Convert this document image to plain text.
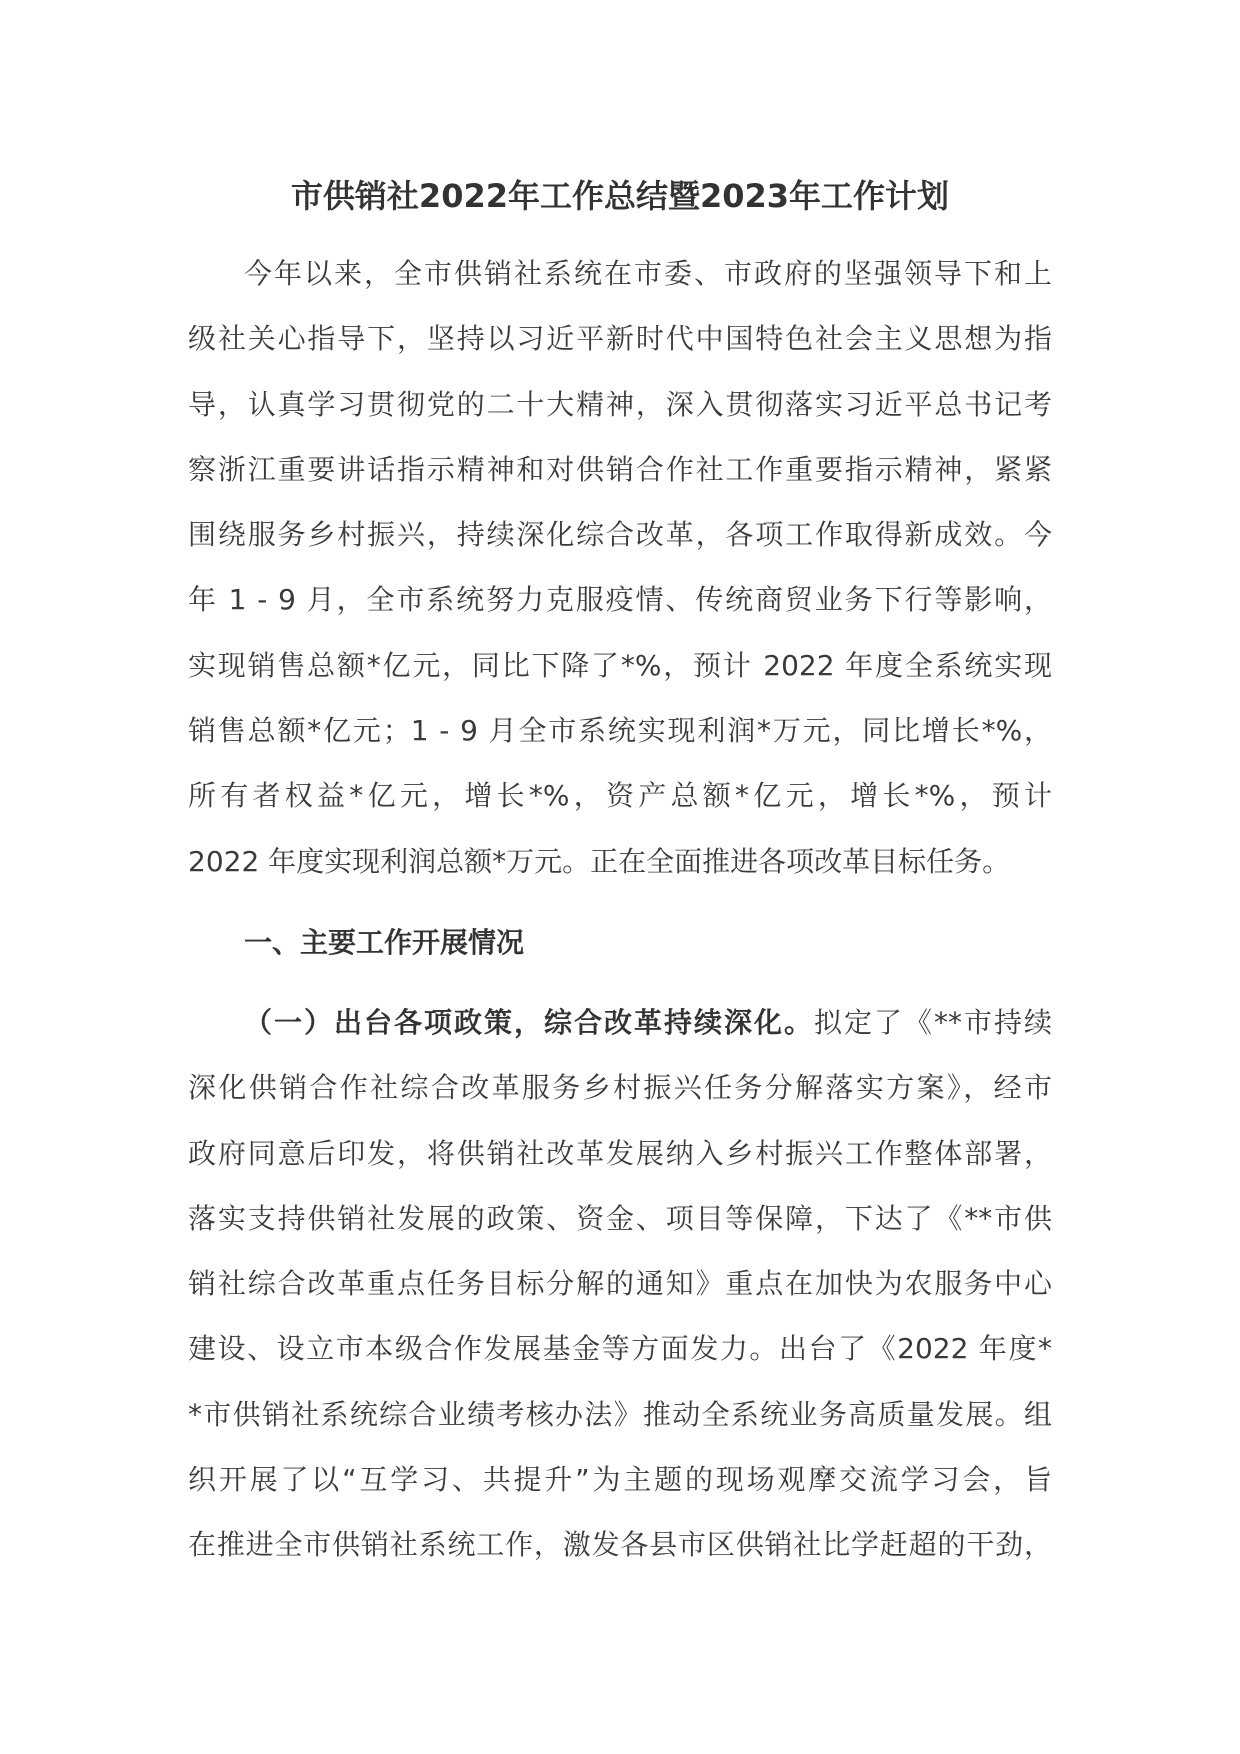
市供销社2022年工作总结暨2023年工作计划
今年以来，全市供销社系统在市委、市政府的坚强领导下和上
级社关心指导下，坚持以习近平新时代中国特色社会主义思想为指
导，认真学习贯彻党的二十大精神，深入贯彻落实习近平总书记考
察浙江重要讲话指示精神和对供销合作社工作重要指示精神，紧紧
围绕服务乡村振兴，持续深化综合改革，各项工作取得新成效。今
年 1 - 9 月，全市系统努力克服疫情、传统商贸业务下行等影响，
实现销售总额*亿元，同比下降了*%，预计 2022 年度全系统实现
销售总额*亿元；1 - 9 月全市系统实现利润*万元，同比增长*%，
所有者权益*亿元，增长*%，资产总额*亿元，增长*%，预计
2022 年度实现利润总额*万元。正在全面推进各项改革目标任务。
一、主要工作开展情况
（一）出台各项政策，综合改革持续深化。拟定了《**市持续
深化供销合作社综合改革服务乡村振兴任务分解落实方案》，经市
政府同意后印发，将供销社改革发展纳入乡村振兴工作整体部署，
落实支持供销社发展的政策、资金、项目等保障，下达了《**市供
销社综合改革重点任务目标分解的通知》重点在加快为农服务中心
建设、设立市本级合作发展基金等方面发力。出台了《2022 年度*
*市供销社系统综合业绩考核办法》推动全系统业务高质量发展。组
织开展了以“互学习、共提升”为主题的现场观摩交流学习会，旨
在推进全市供销社系统工作，激发各县市区供销社比学赶超的干劲，
